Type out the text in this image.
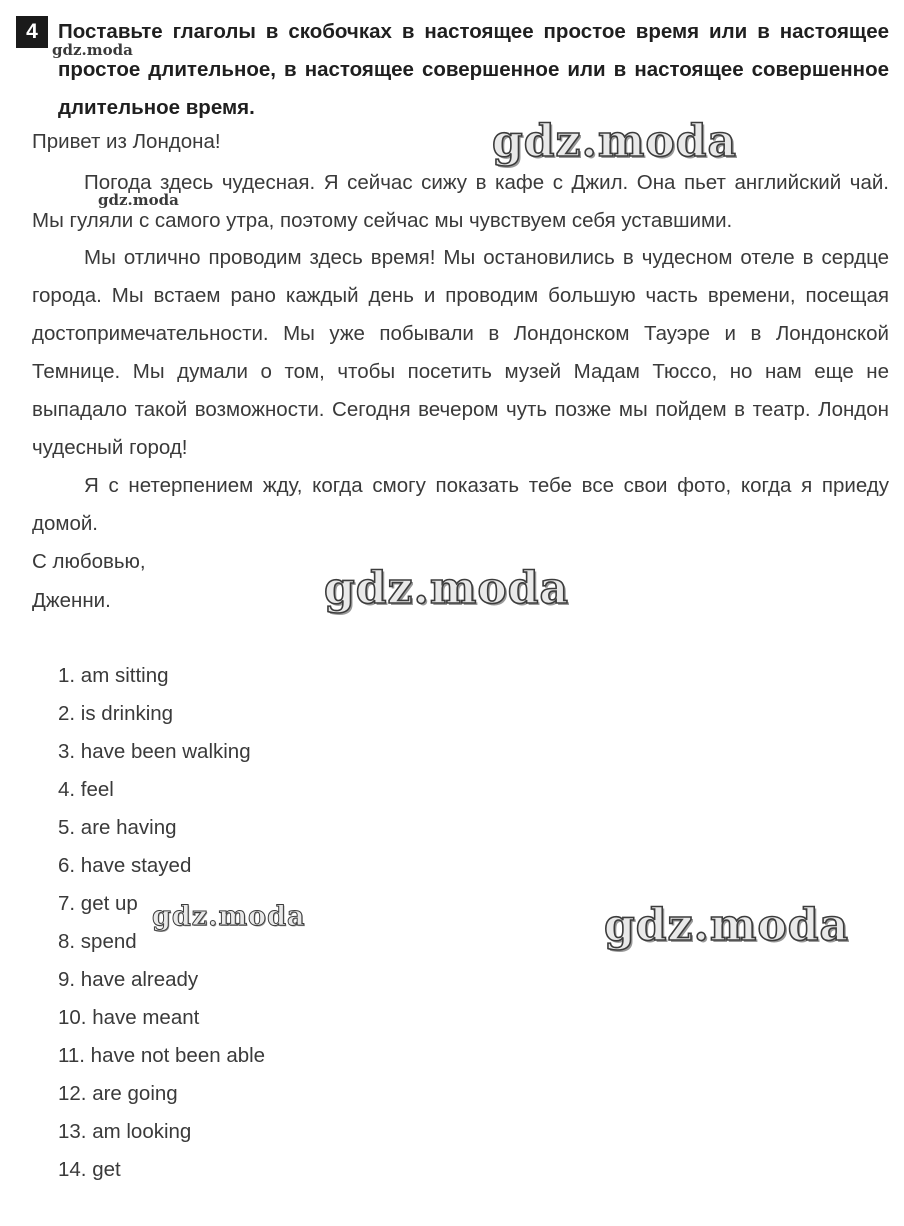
4 Поставьте глаголы в скобочках в настоящее простое время или в настоящее простое длительное, в настоящее совершенное или в настоящее совершенное длительное время.
Привет из Лондона!
Погода здесь чудесная. Я сейчас сижу в кафе с Джил. Она пьет английский чай. Мы гуляли с самого утра, поэтому сейчас мы чувствуем себя уставшими.
Мы отлично проводим здесь время! Мы остановились в чудесном отеле в сердце города. Мы встаем рано каждый день и проводим большую часть времени, посещая достопримечательности. Мы уже побывали в Лондонском Тауэре и в Лондонской Темнице. Мы думали о том, чтобы посетить музей Мадам Тюссо, но нам еще не выпадало такой возможности. Сегодня вечером чуть позже мы пойдем в театр. Лондон чудесный город!
Я с нетерпением жду, когда смогу показать тебе все свои фото, когда я приеду домой.
С любовью,
Дженни.
1. am sitting
2. is drinking
3. have been walking
4. feel
5. are having
6. have stayed
7. get up
8. spend
9. have already
10. have meant
11. have not been able
12. are going
13. am looking
14. get
gdz.moda
gdz.moda
gdz.moda
gdz.moda
gdz.moda	gdz.moda
